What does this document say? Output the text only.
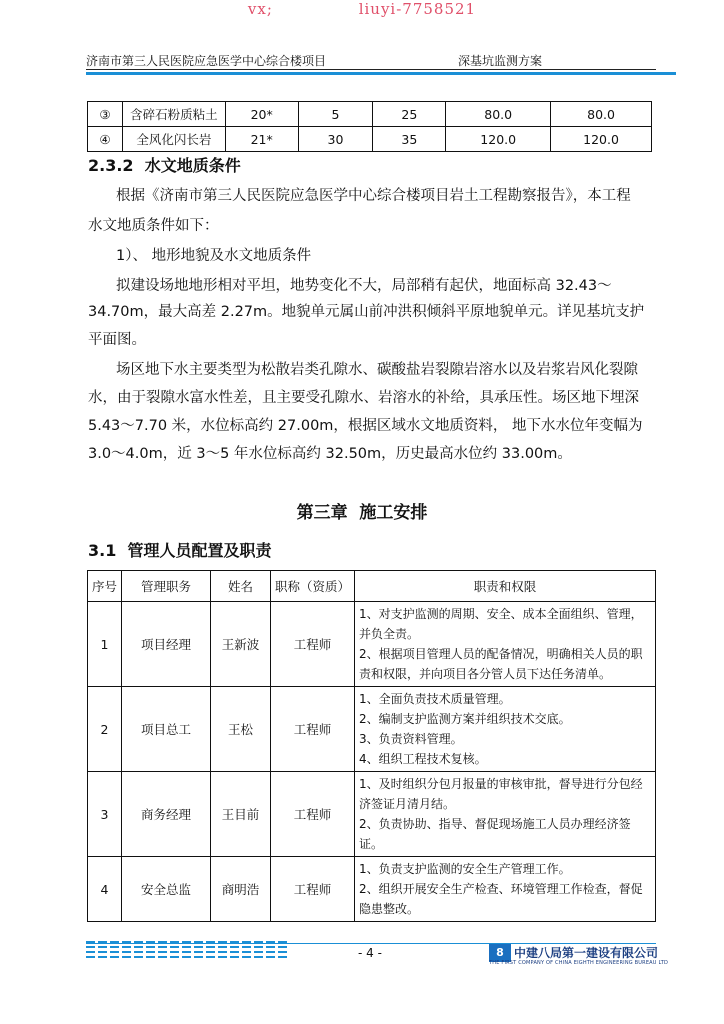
vx;	liuyi-7758521
济南市第三人民医院应急医学中心综合楼项目	深基坑监测方案
③	含碎石粉质粘土	20*	5	25	80.0	80.0
④	全风化闪长岩	21*	30	35	120.0	120.0
2.3.2 水文地质条件
根据《济南市第三人民医院应急医学中心综合楼项目岩土工程勘察报告》，本工程
水文地质条件如下：
1）、 地形地貌及水文地质条件
拟建设场地地形相对平坦，地势变化不大，局部稍有起伏，地面标高 32.43～
34.70m，最大高差 2.27m。地貌单元属山前冲洪积倾斜平原地貌单元。详见基坑支护
平面图。
场区地下水主要类型为松散岩类孔隙水、碳酸盐岩裂隙岩溶水以及岩浆岩风化裂隙
水，由于裂隙水富水性差，且主要受孔隙水、岩溶水的补给，具承压性。场区地下埋深
5.43～7.70 米，水位标高约 27.00m，根据区域水文地质资料， 地下水水位年变幅为
3.0～4.0m，近 3～5 年水位标高约 32.50m，历史最高水位约 33.00m。
第三章 施工安排
3.1 管理人员配置及职责
序号	管理职务	姓名	职称（资质）	职责和权限
1	项目经理	王新波	工程师	1、对支护监测的周期、安全、成本全面组织、管理，
并负全责。
2、根据项目管理人员的配备情况，明确相关人员的职
责和权限，并向项目各分管人员下达任务清单。

2	项目总工	王松	工程师	1、全面负责技术质量管理。
2、编制支护监测方案并组织技术交底。
3、负责资料管理。
4、组织工程技术复核。

3	商务经理	王目前	工程师	1、及时组织分包月报量的审核审批，督导进行分包经
济签证月清月结。
2、负责协助、指导、督促现场施工人员办理经济签
证。

4	安全总监	商明浩	工程师	1、负责支护监测的安全生产管理工作。
2、组织开展安全生产检查、环境管理工作检查，督促
隐患整改。
- 4 -	8 中建八局第一建设有限公司
THE FIRST COMPANY OF CHINA EIGHTH ENGINEERING BUREAU LTD
